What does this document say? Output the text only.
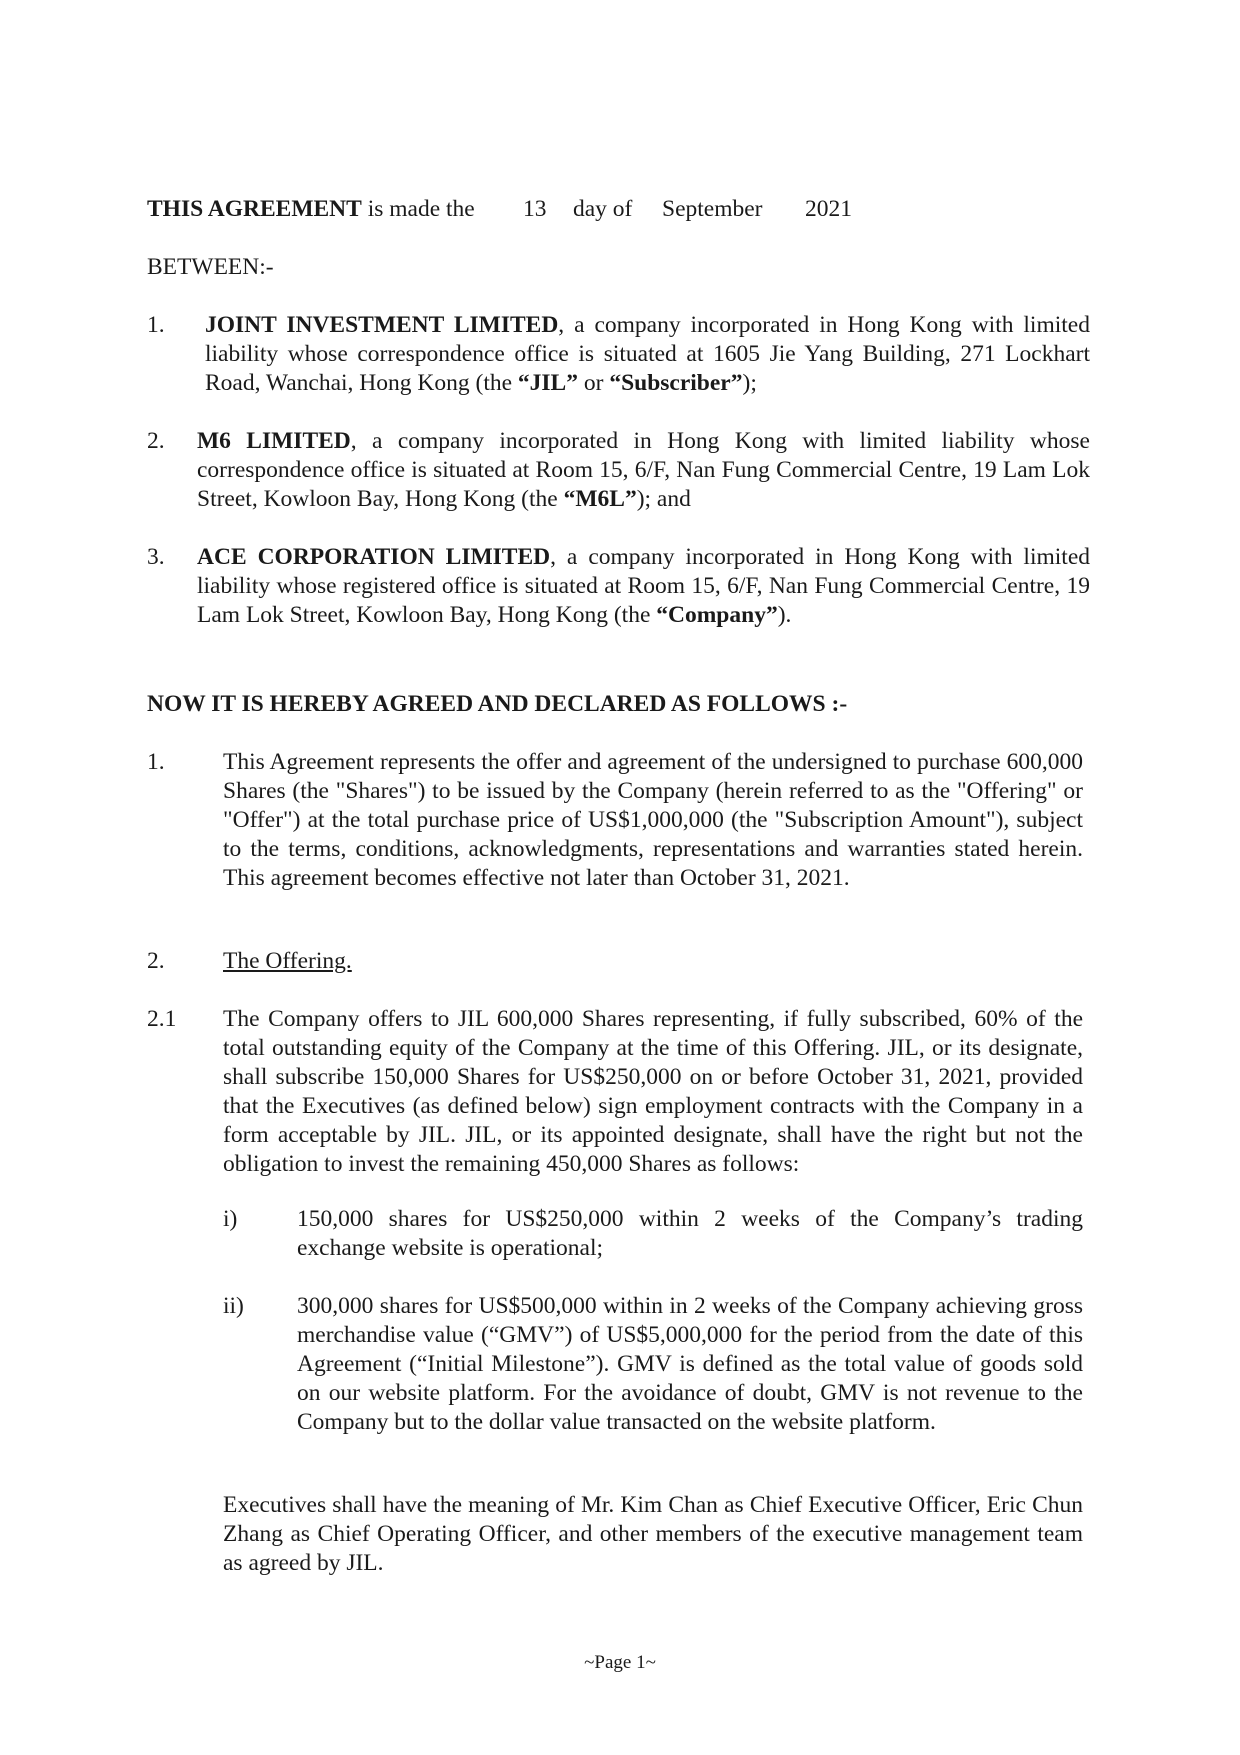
THIS AGREEMENT is made the	13 day of September 2021
BETWEEN:-
1. JOINT INVESTMENT LIMITED, a company incorporated in Hong Kong with limited liability whose correspondence office is situated at 1605 Jie Yang Building, 271 Lockhart Road, Wanchai, Hong Kong (the “JIL” or “Subscriber”);
2. M6 LIMITED, a company incorporated in Hong Kong with limited liability whose correspondence office is situated at Room 15, 6/F, Nan Fung Commercial Centre, 19 Lam Lok Street, Kowloon Bay, Hong Kong (the “M6L”); and
3. ACE CORPORATION LIMITED, a company incorporated in Hong Kong with limited liability whose registered office is situated at Room 15, 6/F, Nan Fung Commercial Centre, 19 Lam Lok Street, Kowloon Bay, Hong Kong (the “Company”).
NOW IT IS HEREBY AGREED AND DECLARED AS FOLLOWS :-
1. This Agreement represents the offer and agreement of the undersigned to purchase 600,000 Shares (the "Shares") to be issued by the Company (herein referred to as the "Offering" or "Offer") at the total purchase price of US$1,000,000 (the "Subscription Amount"), subject to the terms, conditions, acknowledgments, representations and warranties stated herein. This agreement becomes effective not later than October 31, 2021.
2. The Offering.
2.1 The Company offers to JIL 600,000 Shares representing, if fully subscribed, 60% of the total outstanding equity of the Company at the time of this Offering. JIL, or its designate, shall subscribe 150,000 Shares for US$250,000 on or before October 31, 2021, provided that the Executives (as defined below) sign employment contracts with the Company in a form acceptable by JIL. JIL, or its appointed designate, shall have the right but not the obligation to invest the remaining 450,000 Shares as follows:
i)	150,000 shares for US$250,000 within 2 weeks of the Company’s trading exchange website is operational;
ii) 300,000 shares for US$500,000 within in 2 weeks of the Company achieving gross merchandise value (“GMV”) of US$5,000,000 for the period from the date of this Agreement (“Initial Milestone”). GMV is defined as the total value of goods sold on our website platform. For the avoidance of doubt, GMV is not revenue to the Company but to the dollar value transacted on the website platform.
Executives shall have the meaning of Mr. Kim Chan as Chief Executive Officer, Eric Chun Zhang as Chief Operating Officer, and other members of the executive management team as agreed by JIL.
~Page 1~
